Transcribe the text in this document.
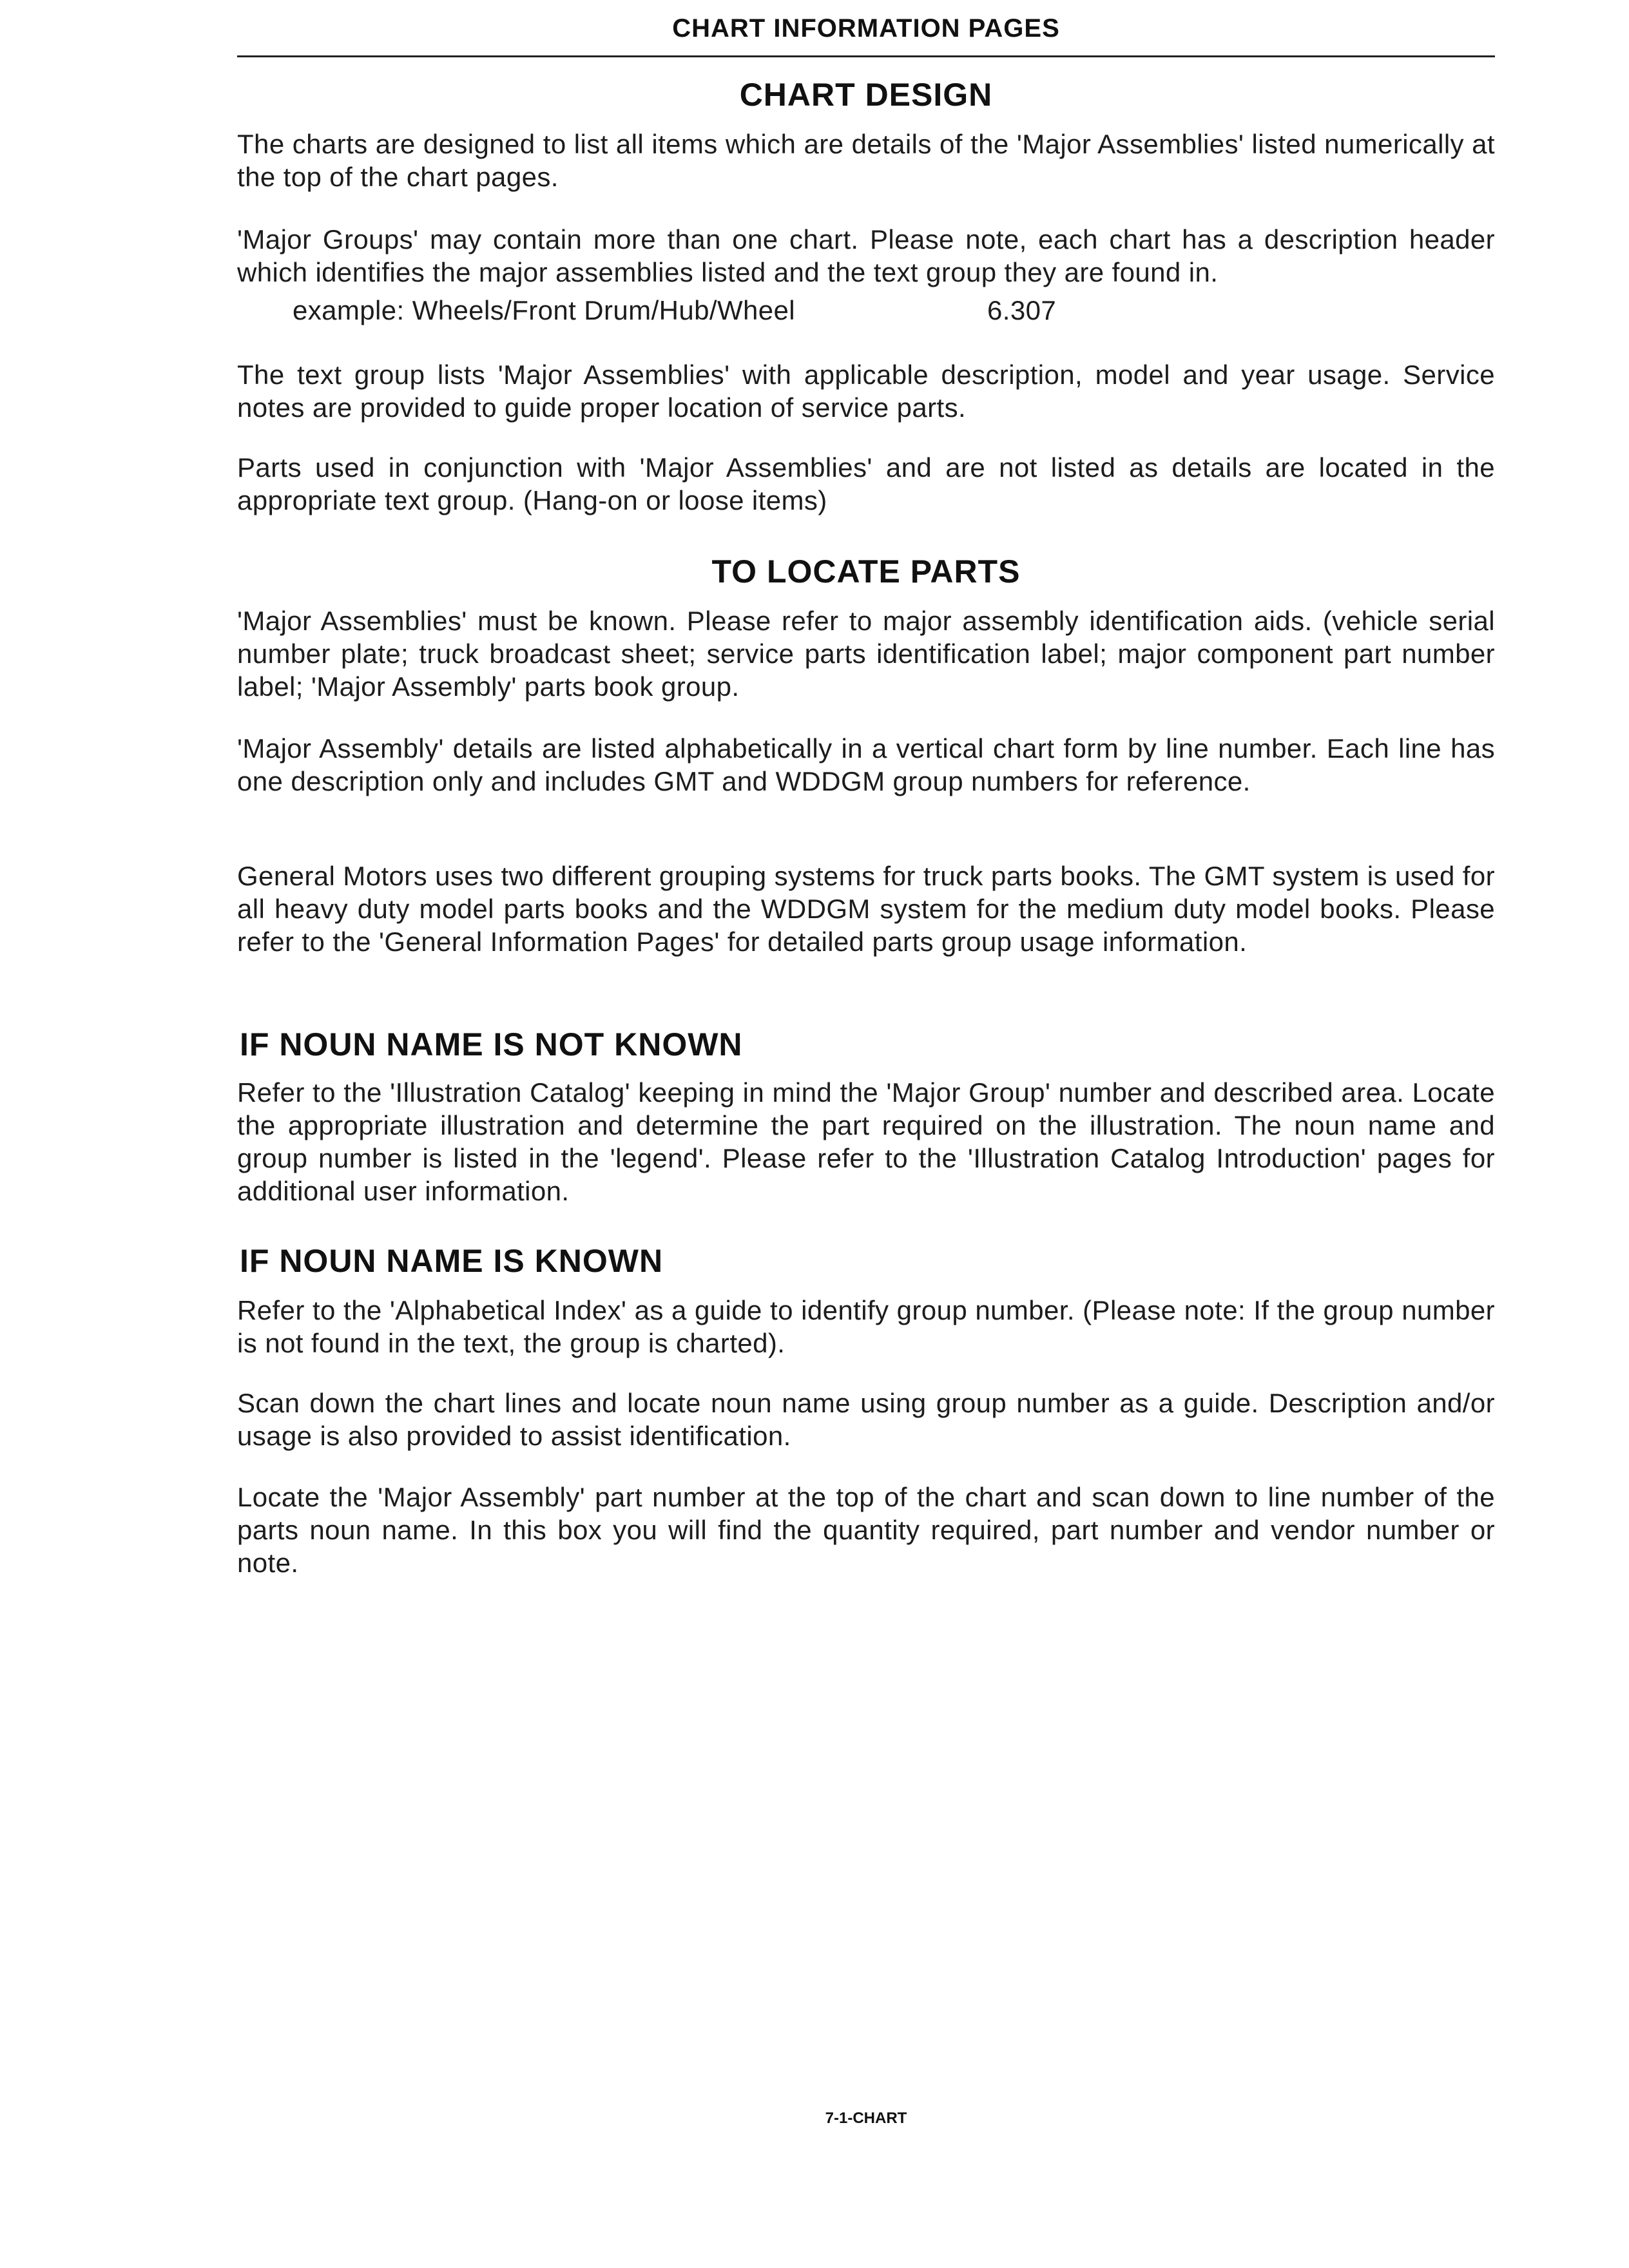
CHART INFORMATION PAGES
CHART DESIGN
The charts are designed to list all items which are details of the 'Major Assemblies' listed numerically at the top of the chart pages.
'Major Groups' may contain more than one chart. Please note, each chart has a description header which identifies the major assemblies listed and the text group they are found in.
example: Wheels/Front Drum/Hub/Wheel	6.307
The text group lists 'Major Assemblies' with applicable description, model and year usage. Service notes are provided to guide proper location of service parts.
Parts used in conjunction with 'Major Assemblies' and are not listed as details are located in the appropriate text group. (Hang-on or loose items)
TO LOCATE PARTS
'Major Assemblies' must be known. Please refer to major assembly identification aids. (vehicle serial number plate; truck broadcast sheet; service parts identification label; major component part number label; 'Major Assembly' parts book group.
'Major Assembly' details are listed alphabetically in a vertical chart form by line number. Each line has one description only and includes GMT and WDDGM group numbers for reference.
General Motors uses two different grouping systems for truck parts books. The GMT system is used for all heavy duty model parts books and the WDDGM system for the medium duty model books. Please refer to the 'General Information Pages' for detailed parts group usage information.
IF NOUN NAME IS NOT KNOWN
Refer to the 'Illustration Catalog' keeping in mind the 'Major Group' number and described area. Locate the appropriate illustration and determine the part required on the illustration. The noun name and group number is listed in the 'legend'. Please refer to the 'Illustration Catalog Introduction' pages for additional user information.
IF NOUN NAME IS KNOWN
Refer to the 'Alphabetical Index' as a guide to identify group number. (Please note: If the group number is not found in the text, the group is charted).
Scan down the chart lines and locate noun name using group number as a guide. Description and/or usage is also provided to assist identification.
Locate the 'Major Assembly' part number at the top of the chart and scan down to line number of the parts noun name. In this box you will find the quantity required, part number and vendor number or note.
7-1-CHART
